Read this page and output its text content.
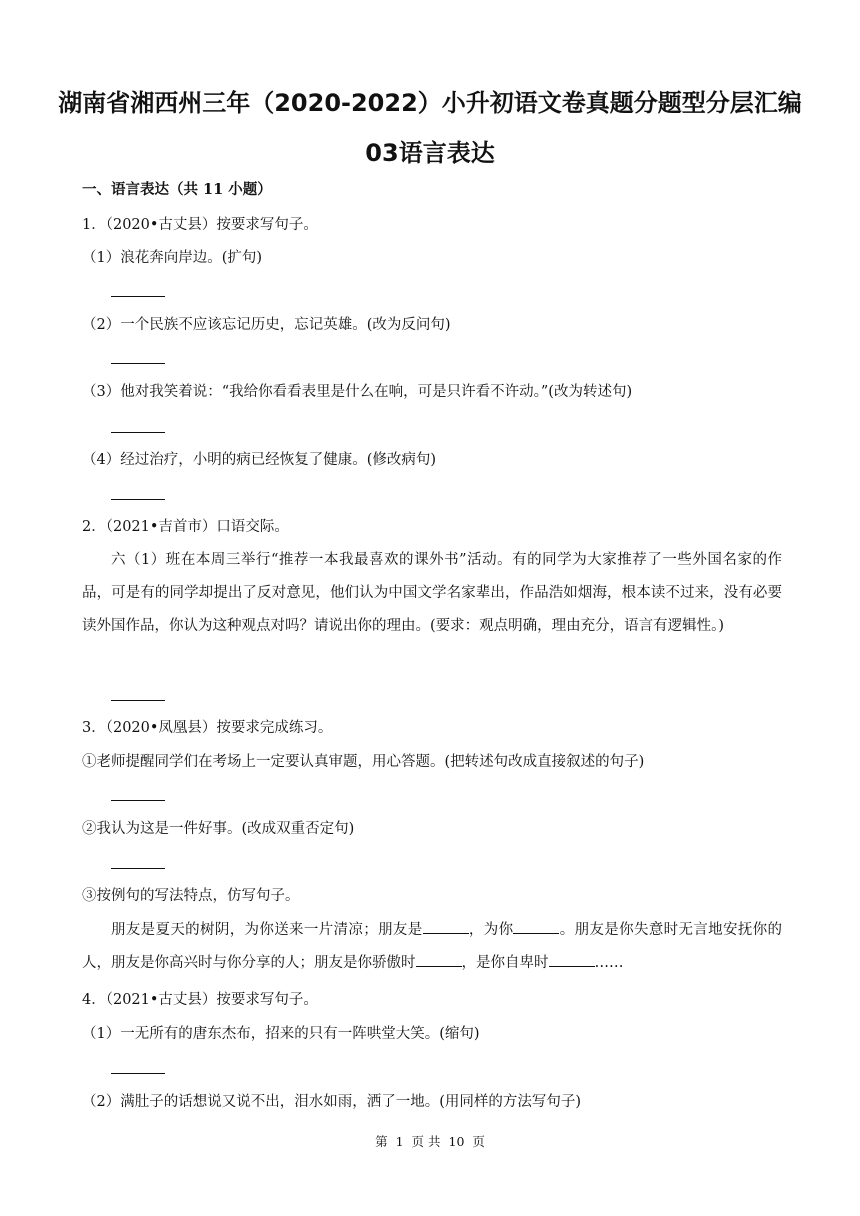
湖南省湘西州三年（2020-2022）小升初语文卷真题分题型分层汇编
03语言表达
一、语言表达（共 11 小题）
1．（2020•古丈县）按要求写句子。
（1）浪花奔向岸边。(扩句)
（2）一个民族不应该忘记历史，忘记英雄。(改为反问句)
（3）他对我笑着说：“我给你看看表里是什么在响，可是只许看不许动。”(改为转述句)
（4）经过治疗，小明的病已经恢复了健康。(修改病句)
2．（2021•吉首市）口语交际。
六（1）班在本周三举行“推荐一本我最喜欢的课外书”活动。有的同学为大家推荐了一些外国名家的作品，可是有的同学却提出了反对意见，他们认为中国文学名家辈出，作品浩如烟海，根本读不过来，没有必要读外国作品，你认为这种观点对吗？请说出你的理由。(要求：观点明确，理由充分，语言有逻辑性。)
3．（2020•凤凰县）按要求完成练习。
①老师提醒同学们在考场上一定要认真审题，用心答题。(把转述句改成直接叙述的句子)
②我认为这是一件好事。(改成双重否定句)
③按例句的写法特点，仿写句子。
朋友是夏天的树阴，为你送来一片清凉；朋友是	，为你	。朋友是你失意时无言地安抚你的人，朋友是你高兴时与你分享的人；朋友是你骄傲时	，是你自卑时	……
4．（2021•古丈县）按要求写句子。
（1）一无所有的唐东杰布，招来的只有一阵哄堂大笑。(缩句)
（2）满肚子的话想说又说不出，泪水如雨，洒了一地。(用同样的方法写句子)
第 1 页 共 10 页
